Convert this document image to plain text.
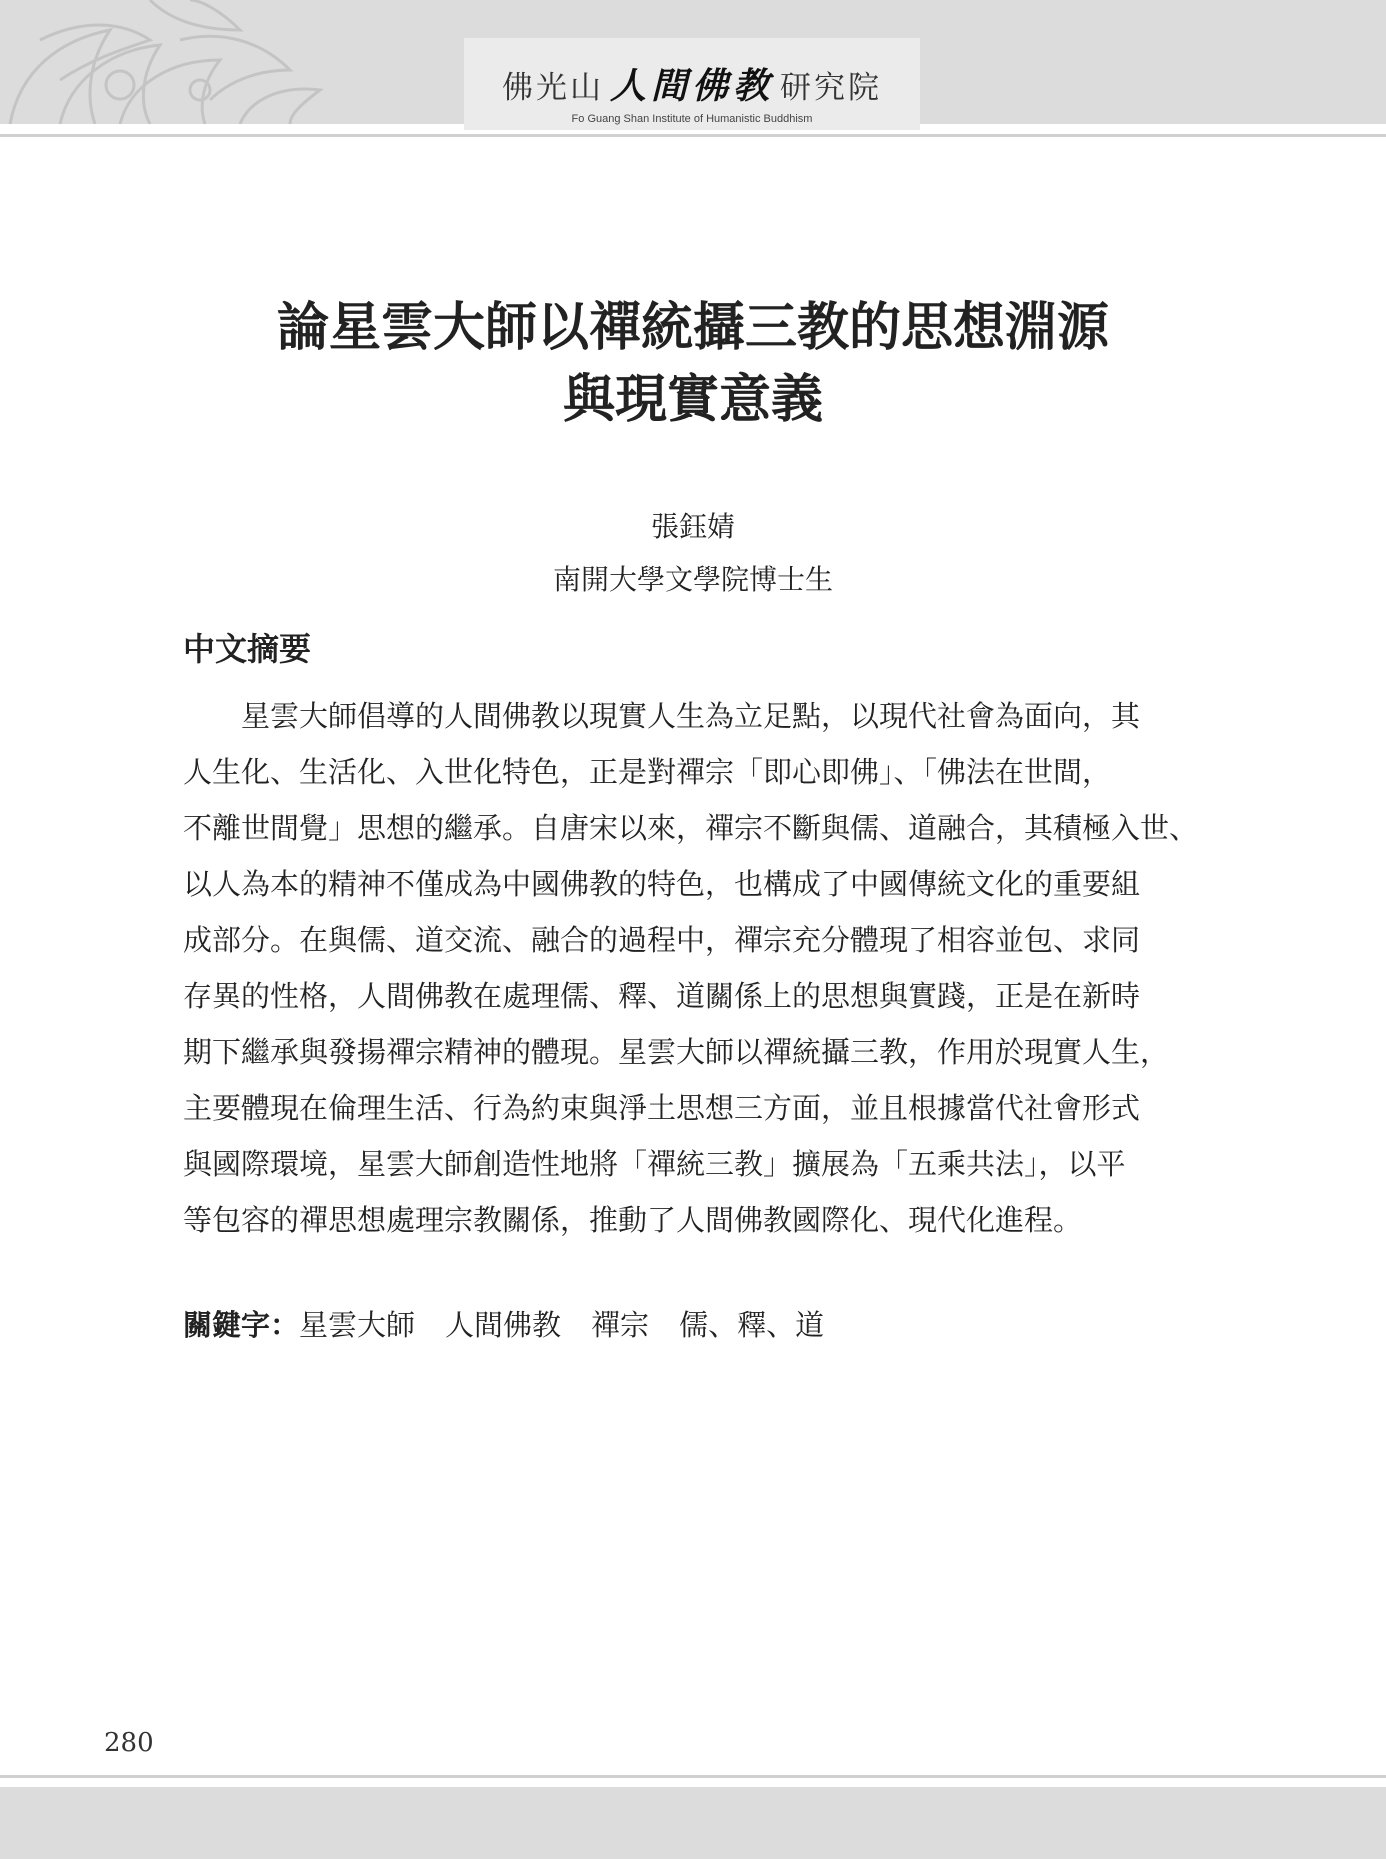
佛光山 人間佛教 研究院
Fo Guang Shan Institute of Humanistic Buddhism
論星雲大師以禪統攝三教的思想淵源
與現實意義
張鈺婧
南開大學文學院博士生
中文摘要
　　星雲大師倡導的人間佛教以現實人生為立足點，以現代社會為面向，其
人生化、生活化、入世化特色，正是對禪宗「即心即佛」、「佛法在世間，
不離世間覺」思想的繼承。自唐宋以來，禪宗不斷與儒、道融合，其積極入世、
以人為本的精神不僅成為中國佛教的特色，也構成了中國傳統文化的重要組
成部分。在與儒、道交流、融合的過程中，禪宗充分體現了相容並包、求同
存異的性格，人間佛教在處理儒、釋、道關係上的思想與實踐，正是在新時
期下繼承與發揚禪宗精神的體現。星雲大師以禪統攝三教，作用於現實人生，
主要體現在倫理生活、行為約束與淨土思想三方面，並且根據當代社會形式
與國際環境，星雲大師創造性地將「禪統三教」擴展為「五乘共法」，以平
等包容的禪思想處理宗教關係，推動了人間佛教國際化、現代化進程。
關鍵字：星雲大師 人間佛教 禪宗 儒、釋、道
280
